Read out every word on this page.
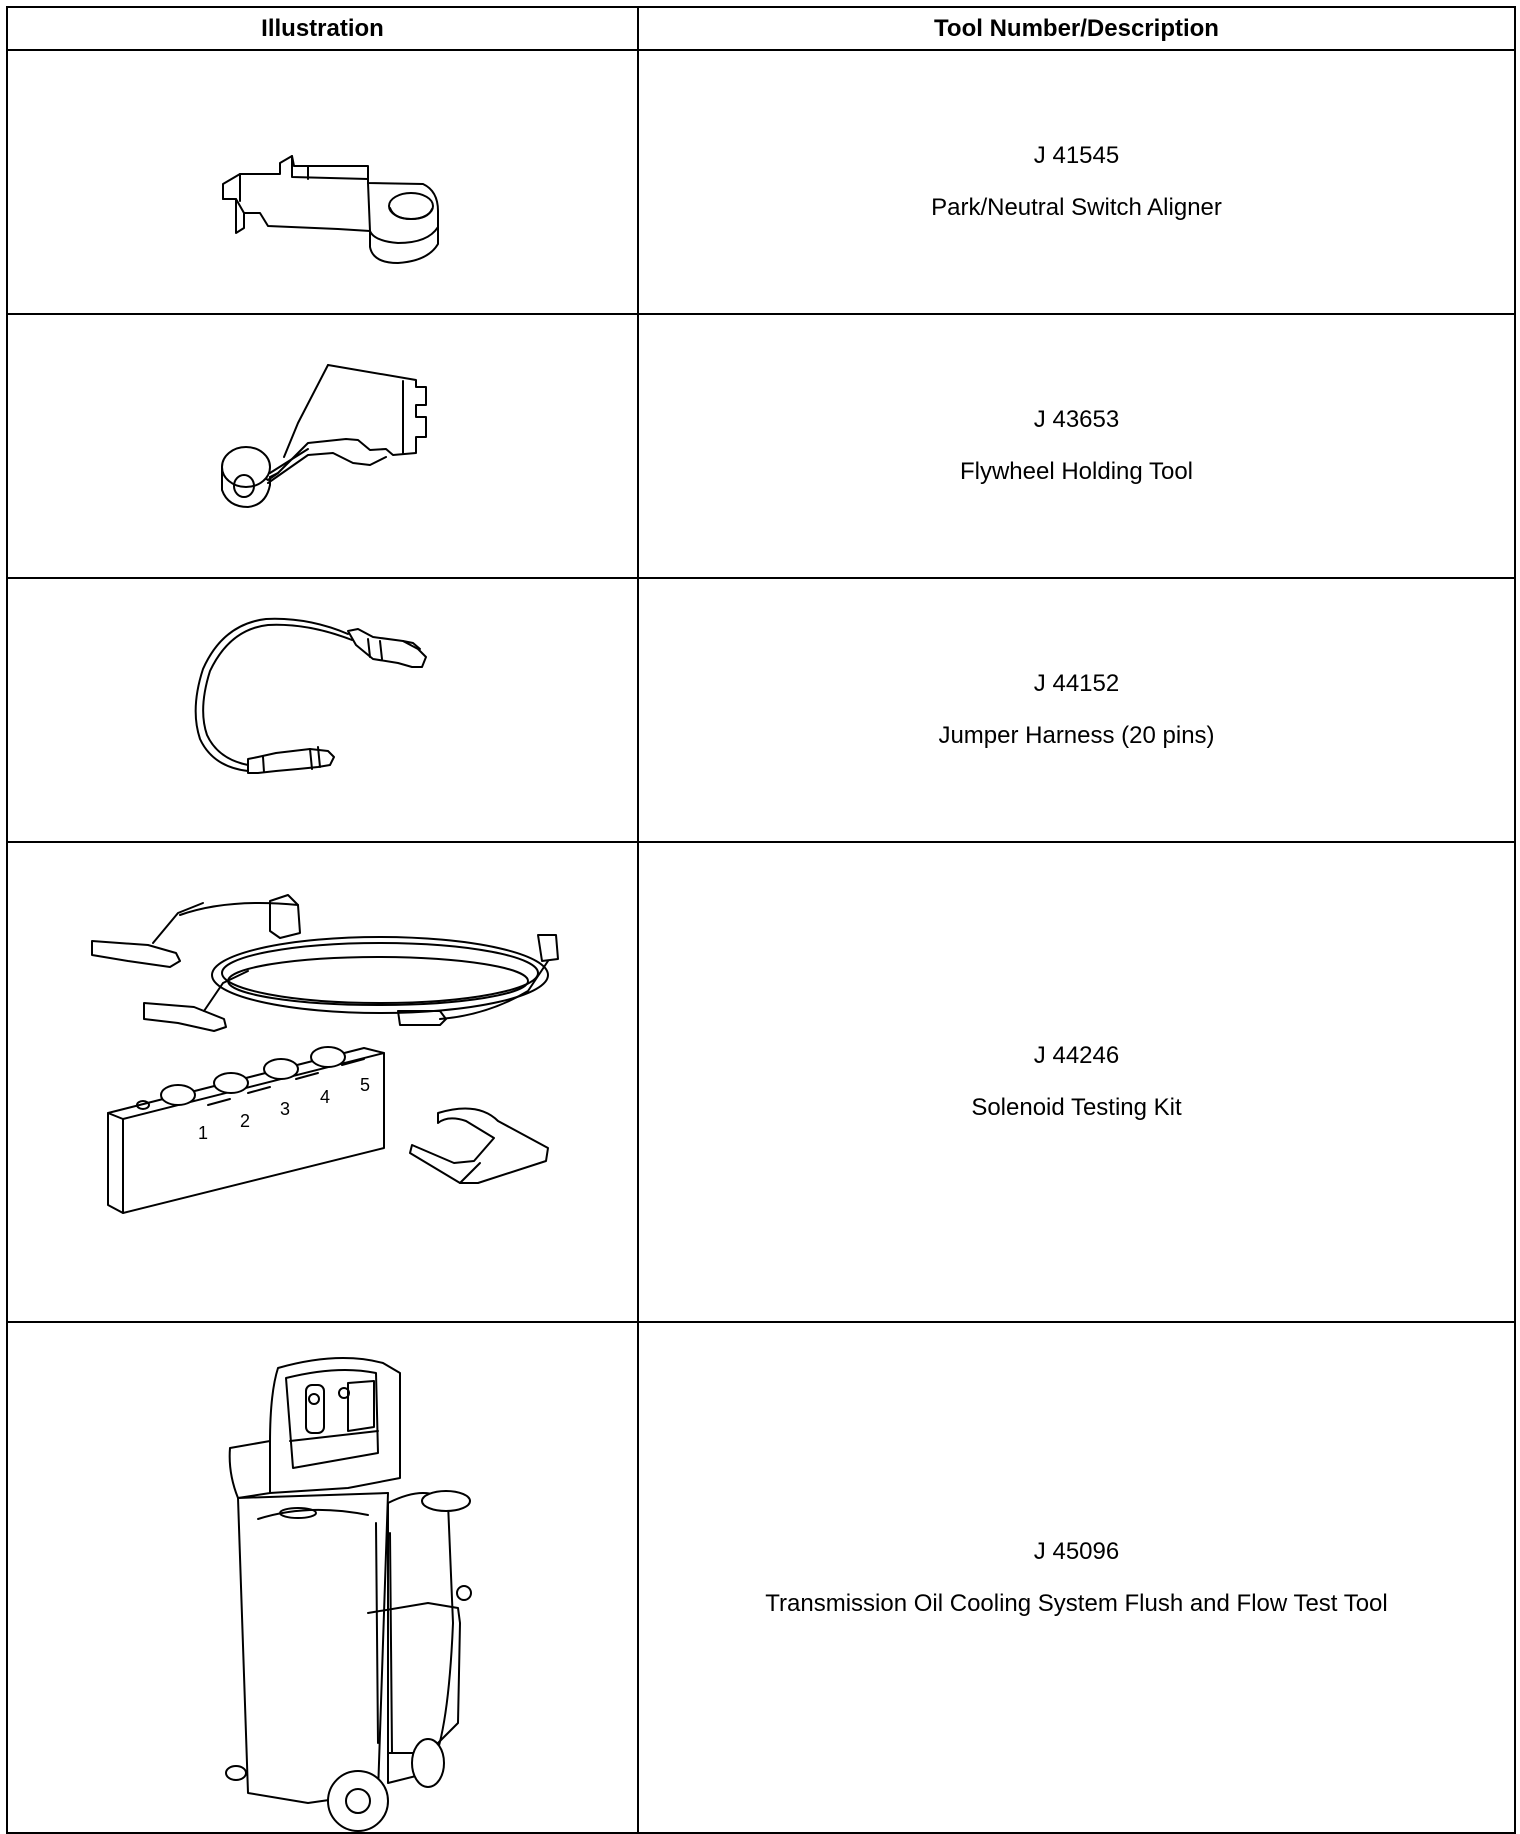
Illustration	Tool Number/Description

J 41545
Park/Neutral Switch Aligner

J 43653
Flywheel Holding Tool

J 44152
Jumper Harness (20 pins)

1
2
3
4
5	J 44246
Solenoid Testing Kit

J 45096
Transmission Oil Cooling System Flush and Flow Test Tool
